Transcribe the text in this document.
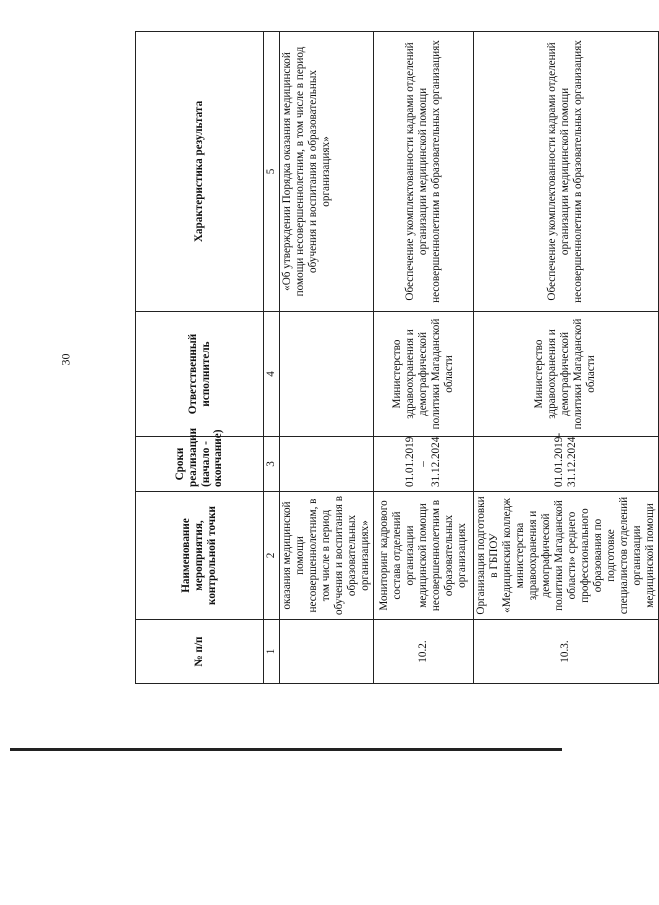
30
№ п/п	Наименование мероприятия, контрольной точки	Сроки реализации (начало - окончание)	Ответственный исполнитель	Характеристика результата
1	2	3	4	5
	оказания медицинской помощи несовершеннолетним, в том числе в период обучения и воспитания в образовательных организациях»			«Об утверждении Порядка оказания медицинской помощи несовершеннолетним, в том числе в период обучения и воспитания в образовательных организациях»
10.2.	Мониторинг кадрового состава отделений организации медицинской помощи несовершеннолетним в образовательных организациях	01.01.2019 – 31.12.2024	Министерство здравоохранения и демографической политики Магаданской области	Обеспечение укомплектованности кадрами отделений организации медицинской помощи несовершеннолетним в образовательных организациях
10.3.	Организация подготовки в ГБПОУ «Медицинский колледж министерства здравоохранения и демографической политики Магаданской области» среднего профессионального образования по подготовке специалистов отделений организации медицинской помощи	01.01.2019- 31.12.2024	Министерство здравоохранения и демографической политики Магаданской области	Обеспечение укомплектованности кадрами отделений организации медицинской помощи несовершеннолетним в образовательных организациях
